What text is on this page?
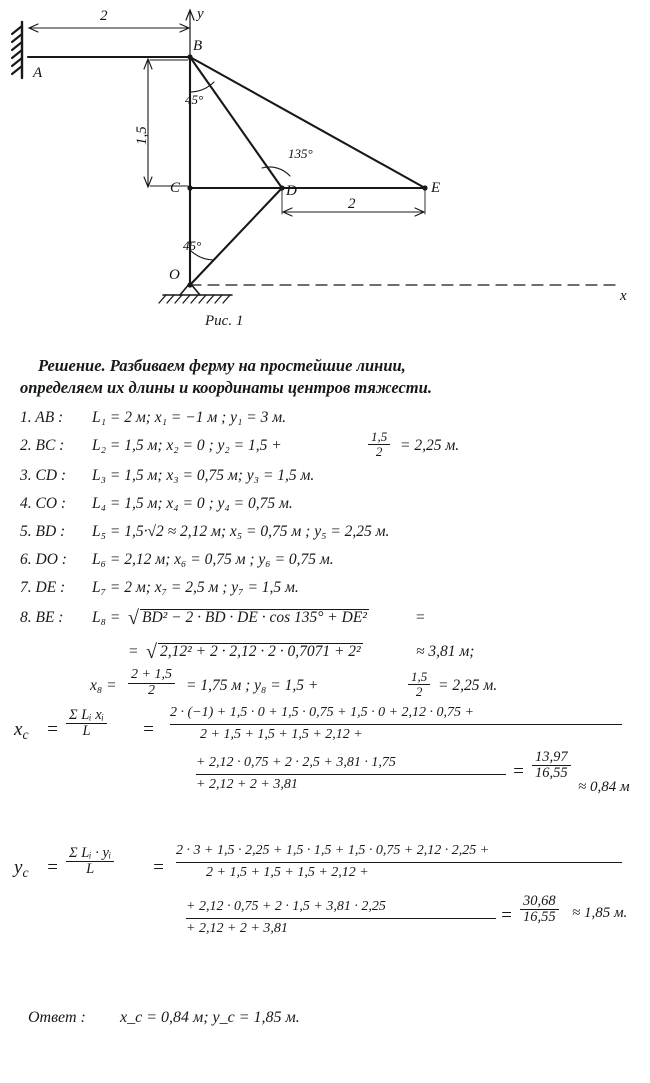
A
B
C	D	E
O
x
y
2
1,5
2
45°
135°
45°
Рис. 1
Решение. Разбиваем ферму на простейшие линии,
определяем их длины и координаты центров тяжести.
1. AB : L₁ = 2 м; x₁ = −1 м ; y₁ = 3 м.
2. BC : L₂ = 1,5 м; x₂ = 0 ; y₂ = 1,5 +	$\frac{1,5}{2} = 2,25$ м.
3. CD : L₃ = 1,5 м; x₃ = 0,75 м; y₃ = 1,5 м.
4. CO : L₄ = 1,5 м; x₄ = 0 ; y₄ = 0,75 м.
5. BD : L₅ = 1,5·√2 ≈ 2,12 м; x₅ = 0,75 м ; y₅ = 2,25 м.
6. DO : L₆ = 2,12 м; x₆ = 0,75 м ; y₆ = 0,75 м.
7. DE : L₇ = 2 м; x₇ = 2,5 м ; y₇ = 1,5 м.
8. BE : L₈ = √ BD² − 2 · BD · DE · cos 135° + DE²	=
= √ 2,12² + 2 · 2,12 · 2 · 0,7071 + 2²	≈ 3,81 м;
$x_8 = \frac{2 + 1,5}{2} = 1,75$ м ; y₈ = 1,5 +	$\frac{1,5}{2} = 2,25$ м.
$x_c = \frac{\text{Σ Lᵢ xᵢ}}{L}$ =
2 · (−1) + 1,5 · 0 + 1,5 · 0,75 + 1,5 · 0 + 2,12 · 0,75 +
2 + 1,5 + 1,5 + 1,5 + 2,12 +
+ 2,12 · 0,75 + 2 · 2,5 + 3,81 · 1,75
+ 2,12 + 2 + 3,81
= $\frac{13,97}{16,55}$
≈ 0,84 м
$y_c = \frac{\text{Σ Lᵢ · yᵢ}}{L}$ =
2 · 3 + 1,5 · 2,25 + 1,5 · 1,5 + 1,5 · 0,75 + 2,12 · 2,25 +
2 + 1,5 + 1,5 + 1,5 + 2,12 +
+ 2,12 · 0,75 + 2 · 1,5 + 3,81 · 2,25
+ 2,12 + 2 + 3,81
= $\frac{30,68}{16,55} \approx 1,85$ м.
Ответ : x_c = 0,84 м; y_c = 1,85 м.
